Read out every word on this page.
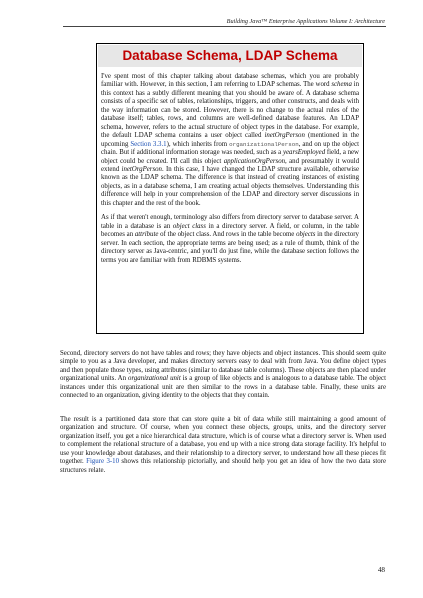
Building Java™ Enterprise Applications Volume I: Architecture
Database Schema, LDAP Schema

I've spent most of this chapter talking about database schemas, which you are probably familiar with. However, in this section, I am referring to LDAP schemas. The word schema in this context has a subtly different meaning that you should be aware of. A database schema consists of a specific set of tables, relationships, triggers, and other constructs, and deals with the way information can be stored. However, there is no change to the actual rules of the database itself; tables, rows, and columns are well-defined database features. An LDAP schema, however, refers to the actual structure of object types in the database. For example, the default LDAP schema contains a user object called inetOrgPerson (mentioned in the upcoming Section 3.3.1), which inherits from organizationalPerson, and on up the object chain. But if additional information storage was needed, such as a yearsEmployed field, a new object could be created. I'll call this object applicationOrgPerson, and presumably it would extend inetOrgPerson. In this case, I have changed the LDAP structure available, otherwise known as the LDAP schema. The difference is that instead of creating instances of existing objects, as in a database schema, I am creating actual objects themselves. Understanding this difference will help in your comprehension of the LDAP and directory server discussions in this chapter and the rest of the book.

As if that weren't enough, terminology also differs from directory server to database server. A table in a database is an object class in a directory server. A field, or column, in the table becomes an attribute of the object class. And rows in the table become objects in the directory server. In each section, the appropriate terms are being used; as a rule of thumb, think of the directory server as Java-centric, and you'll do just fine, while the database section follows the terms you are familiar with from RDBMS systems.

Second, directory servers do not have tables and rows; they have objects and object instances. This should seem quite simple to you as a Java developer, and makes directory servers easy to deal with from Java. You define object types and then populate those types, using attributes (similar to database table columns). These objects are then placed under organizational units. An organizational unit is a group of like objects and is analogous to a database table. The object instances under this organizational unit are then similar to the rows in a database table. Finally, these units are connected to an organization, giving identity to the objects that they contain.

The result is a partitioned data store that can store quite a bit of data while still maintaining a good amount of organization and structure. Of course, when you connect these objects, groups, units, and the directory server organization itself, you get a nice hierarchical data structure, which is of course what a directory server is. When used to complement the relational structure of a database, you end up with a nice strong data storage facility. It's helpful to use your knowledge about databases, and their relationship to a directory server, to understand how all these pieces fit together. Figure 3-10 shows this relationship pictorially, and should help you get an idea of how the two data store structures relate.

48
